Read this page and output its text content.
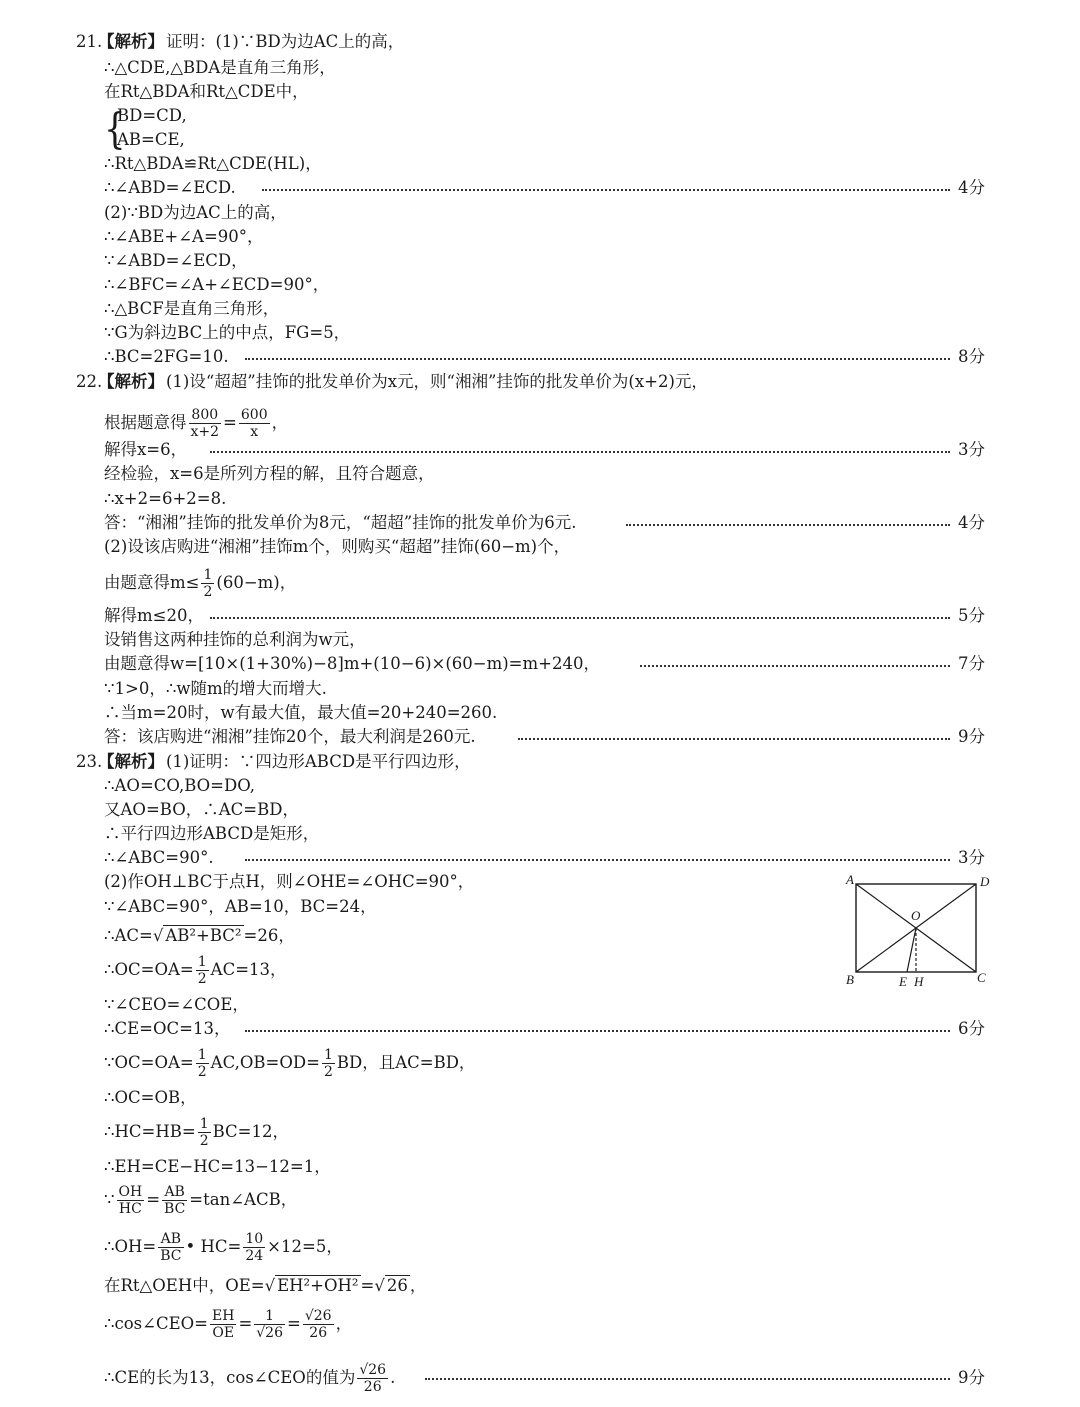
21.
【解析】 证明：(1)∵BD为边AC上的高，
∴△CDE,△BDA是直角三角形，
在Rt△BDA和Rt△CDE中，
{
BD=CD,
AB=CE,
∴Rt△BDA≌Rt△CDE(HL)，
∴∠ABD=∠ECD.	4分
(2)∵BD为边AC上的高，
∴∠ABE+∠A=90°，
∵∠ABD=∠ECD，
∴∠BFC=∠A+∠ECD=90°，
∴△BCF是直角三角形，
∵G为斜边BC上的中点，FG=5，
∴BC=2FG=10.	8分
22.
【解析】 (1)设“超超”挂饰的批发单价为x元，则“湘湘”挂饰的批发单价为(x+2)元，
根据题意得 $\frac{800}{x+2} = \frac{600}{x}$ ，
解得x=6，	3分
经检验，x=6是所列方程的解，且符合题意，
∴x+2=6+2=8.
答：“湘湘”挂饰的批发单价为8元，“超超”挂饰的批发单价为6元.	4分
(2)设该店购进“湘湘”挂饰m个，则购买“超超”挂饰(60−m)个，
由题意得$m\le \frac{1}{2} (60-m)$，
解得m≤20，	5分
设销售这两种挂饰的总利润为w元，
由题意得w=[10×(1+30%)−8]m+(10−6)×(60−m)=m+240，	7分
∵1>0，∴w随m的增大而增大.
∴当m=20时，w有最大值，最大值=20+240=260.
答：该店购进“湘湘”挂饰20个，最大利润是260元.	9分
23.
【解析】 (1)证明：∵四边形ABCD是平行四边形，
∴AO=CO,BO=DO,
又AO=BO，∴AC=BD，
∴平行四边形ABCD是矩形，
∴∠ABC=90°.	3分
(2)作OH⊥BC于点H，则∠OHE=∠OHC=90°，
∵∠ABC=90°，AB=10，BC=24，
∴AC=√ AB²+BC² =26，
∴OC=OA= $\frac{1}{2} AC=13$，
∵∠CEO=∠COE，
∴CE=OC=13，	6分
∵OC=OA= $\frac{1}{2} AC,OB=OD= \frac{1}{2}$ BD，且AC=BD，
∴OC=OB，
∴HC=HB= $\frac{1}{2} BC=12$，
∴EH=CE−HC=13−12=1，
∵ $\frac{OH}{HC} = \frac{AB}{BC}$ =tan∠ACB，
∴OH= $\frac{AB}{BC}$ • $HC= \frac{10}{24} \times 12=5$，
在Rt△OEH中，OE=√ EH²+OH² =√ 26 ，
∴cos∠CEO= $\frac{EH}{OE} = \frac{1}{√26} = \frac{√26}{26}$ ，
∴CE的长为13，cos∠CEO的值为 $\frac{√26}{26}$ .	9分
A	D
B	C
O
E H
